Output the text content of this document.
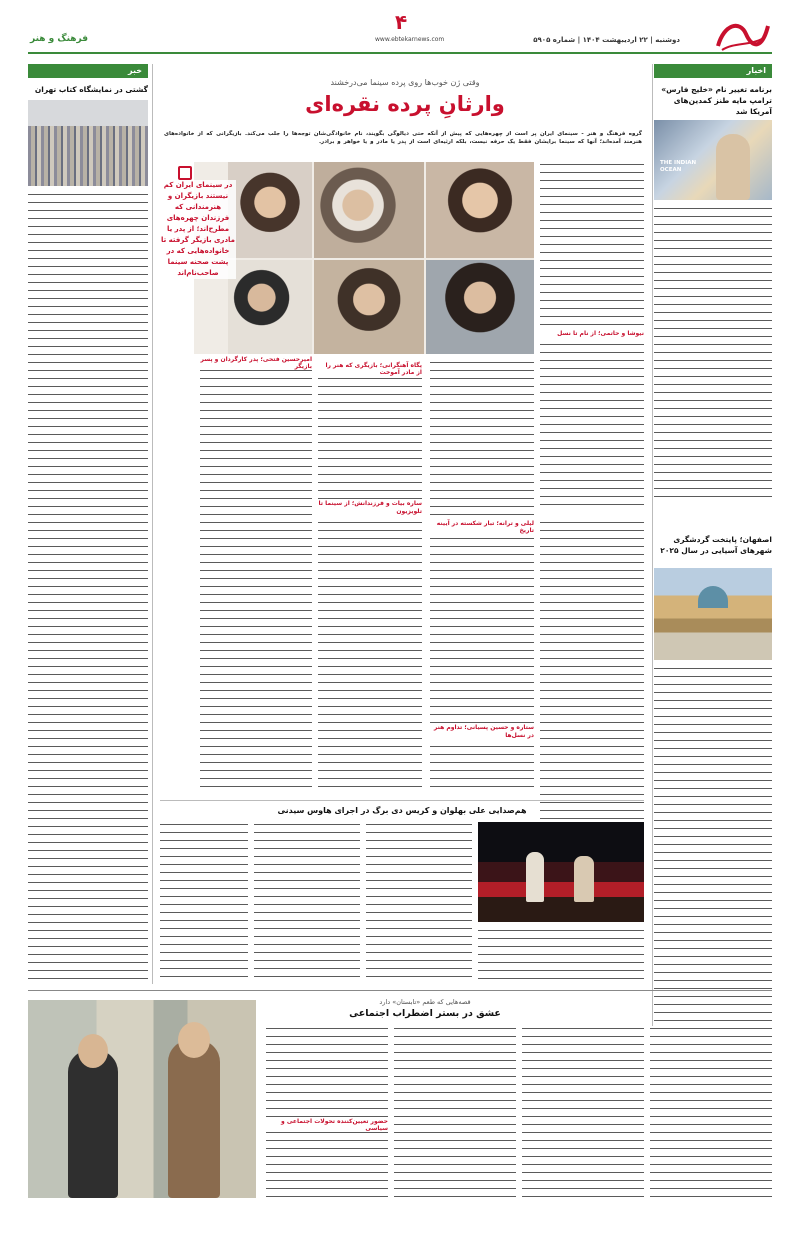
دوشنبه | ۲۲ اردیبهشت ۱۴۰۴ | شماره ۵۹۰۵
www.ebtekarnews.com
۴
فرهنگ و هنر
اخبار
برنامه تغییر نام «خلیج فارس» ترامپ مایه طنز کمدین‌های آمریکا شد
THE INDIAN OCEAN
اصفهان؛ پایتخت گردشگری شهرهای آسیایی در سال ۲۰۲۵
خبر
گشتی در نمایشگاه کتاب تهران
وقتی ژن خوب‌ها روی پرده سینما می‌درخشند
وارثانِ پرده نقره‌ای
گروه فرهنگ و هنر - سینمای ایران پر است از چهره‌هایی که پیش از آنکه حتی دیالوگی بگویند، نام خانوادگی‌شان توجه‌ها را جلب می‌کند. بازیگرانی که از خانواده‌های هنرمند آمده‌اند؛ آنها که سینما برایشان فقط یک حرفه نیست، بلکه ارثیه‌ای است از پدر یا مادر و یا خواهر و برادر.
نیوشا و حاتمی؛ از نام تا نسل
در سینمای ایران کم نیستند بازیگران و هنرمندانی که فرزندان چهره‌های مطرح‌اند؛ از پدر یا مادری بازیگر گرفته تا خانواده‌هایی که در پشت صحنه سینما صاحب‌نام‌اند
لیلی و ترانه؛ تبار شکسته در آیینه تاریخ
پگاه آهنگرانی؛ بازیگری که هنر را از مادر آموخت
ساره بیات و فرزندانش؛ از سینما تا تلویزیون
امیرحسین فتحی؛ پدر کارگردان و پسر بازیگر
ستاره و حسین پسیانی؛ تداوم هنر در نسل‌ها
هم‌صدایی علی بهلوان و کریس دی برگ در اجرای هاوس سیدنی
قصه‌هایی که طعم «تابستان» دارد
عشق در بستر اضطراب اجتماعی
حضور تعیین‌کننده تحولات اجتماعی و سیاسی
